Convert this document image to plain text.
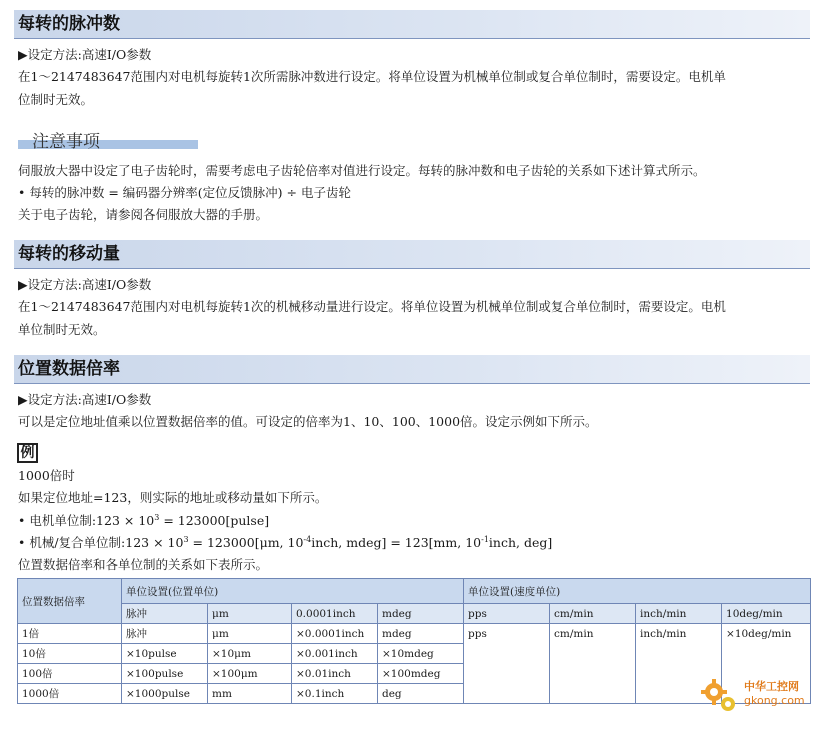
每转的脉冲数
▶设定方法:高速I/O参数
在1～2147483647范围内对电机每旋转1次所需脉冲数进行设定。将单位设置为机械单位制或复合单位制时，需要设定。电机单
位制时无效。
注意事项
伺服放大器中设定了电子齿轮时，需要考虑电子齿轮倍率对值进行设定。每转的脉冲数和电子齿轮的关系如下述计算式所示。
• 每转的脉冲数 = 编码器分辨率(定位反馈脉冲) ÷ 电子齿轮
关于电子齿轮，请参阅各伺服放大器的手册。
每转的移动量
▶设定方法:高速I/O参数
在1～2147483647范围内对电机每旋转1次的机械移动量进行设定。将单位设置为机械单位制或复合单位制时，需要设定。电机
单位制时无效。
位置数据倍率
▶设定方法:高速I/O参数
可以是定位地址值乘以位置数据倍率的值。可设定的倍率为1、10、100、1000倍。设定示例如下所示。
例
1000倍时
如果定位地址=123，则实际的地址或移动量如下所示。
• 电机单位制:123 × $10^3$ = 123000[pulse]
• 机械/复合单位制:123 × $10^3 = 123000[\mu m$, $10^{-4}inch$, mdeg] = 123[mm, $10^{-1}inch$, deg]
位置数据倍率和各单位制的关系如下表所示。
位置数据倍率	单位设置(位置单位)				单位设置(速度单位)			
	脉冲	μm	0.0001inch	mdeg	pps	cm/min	inch/min	10deg/min
1倍	脉冲	μm	×0.0001inch	mdeg	pps	cm/min	inch/min	×10deg/min
10倍	×10pulse	×10μm	×0.001inch	×10mdeg				
100倍	×100pulse	×100μm	×0.01inch	×100mdeg				
1000倍	×1000pulse	mm	×0.1inch	deg				
中华工控网
gkong.com
